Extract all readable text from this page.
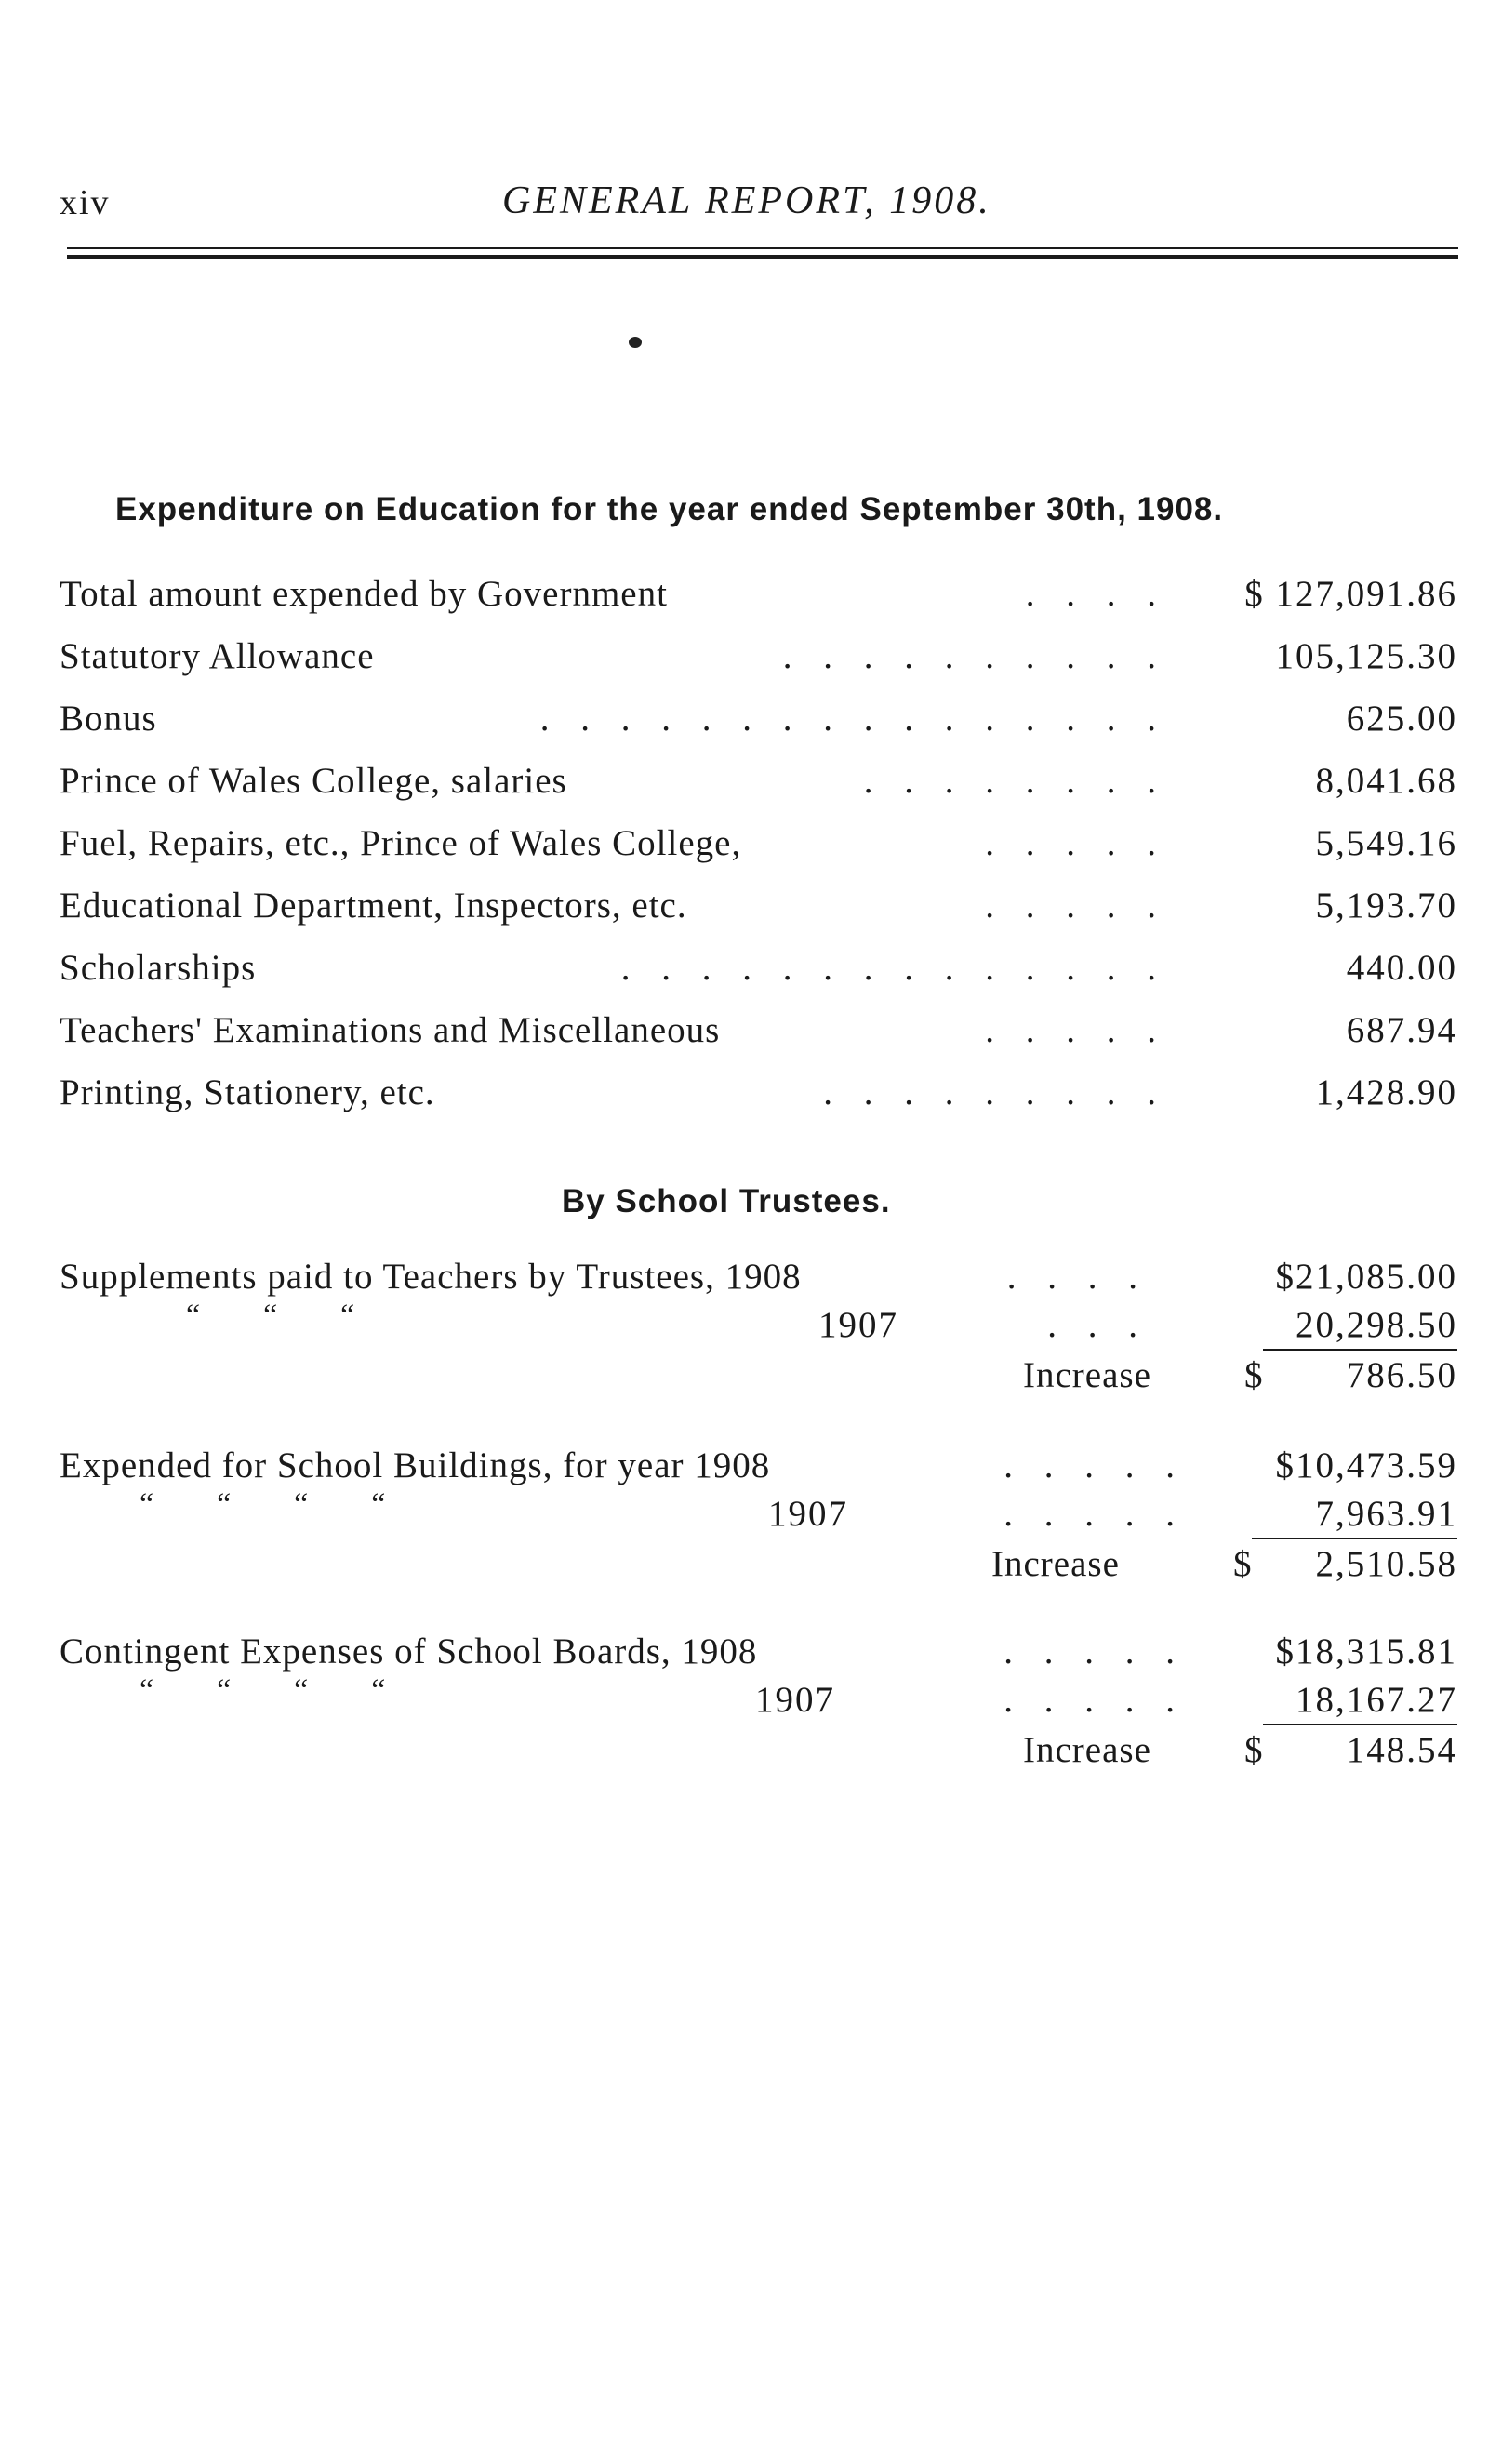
xiv	GENERAL REPORT, 1908.
Expenditure on Education for the year ended September 30th, 1908.
Total amount expended by Government	. . . . $ 127,091.86
Statutory Allowance	. . . . . . . . . .	105,125.30
Bonus	. . . . . . . . . . . . . . . .	625.00
Prince of Wales College, salaries	. . . . . . . .	8,041.68
Fuel, Repairs, etc., Prince of Wales College,	. . . . .	5,549.16
Educational Department, Inspectors, etc.	. . . . .	5,193.70
Scholarships	. . . . . . . . . . . . . .	440.00
Teachers' Examinations and Miscellaneous	. . . . .	687.94
Printing, Stationery, etc.	. . . . . . . . .	1,428.90
By School Trustees.
Supplements paid to Teachers by Trustees, 1908	. . . .	$21,085.00
“        “        “	1907	. . .	20,298.50
Increase	$ 786.50
Expended for School Buildings, for year 1908	. . . . . $10,473.59
“        “        “        “	1907	. . . . .	7,963.91
Increase	$ 2,510.58
Contingent Expenses of School Boards, 1908	. . . . . $18,315.81
“        “        “        “	1907	. . . . .	18,167.27
Increase	$ 148.54
